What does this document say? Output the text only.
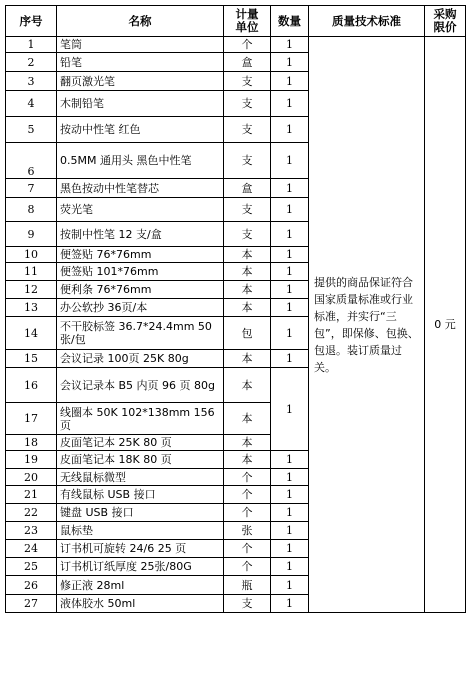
序号	名称	计量单位	数量	质量技术标准	采购限价
1	笔筒	个	1	提供的商品保证符合国家质量标准或行业标准，并实行“三包”，即保修、包换、包退。装订质量过关。	0 元
2	铅笔	盒	1		
3	翻页激光笔	支	1		
4	木制铅笔	支	1		
5	按动中性笔 红色	支	1		
6	0.5MM 通用头 黑色中性笔	支	1		
7	黑色按动中性笔替芯	盒	1		
8	荧光笔	支	1		
9	按制中性笔 12 支/盒	支	1		
10	便签贴 76*76mm	本	1		
11	便签贴 101*76mm	本	1		
12	便利条 76*76mm	本	1		
13	办公软抄 36页/本	本	1		
14	不干胶标签 36.7*24.4mm 50 张/包	包	1		
15	会议记录 100页 25K 80g	本	1		
16	会议记录本 B5 内页 96 页 80g	本	1		
17	线圈本 50K 102*138mm 156页	本			
18	皮面笔记本 25K 80 页	本			
19	皮面笔记本 18K 80 页	本	1		
20	无线鼠标微型	个	1		
21	有线鼠标 USB 接口	个	1		
22	键盘 USB 接口	个	1		
23	鼠标垫	张	1		
24	订书机可旋转 24/6 25 页	个	1		
25	订书机订纸厚度 25张/80G	个	1		
26	修正液 28ml	瓶	1		
27	液体胶水 50ml	支	1		
